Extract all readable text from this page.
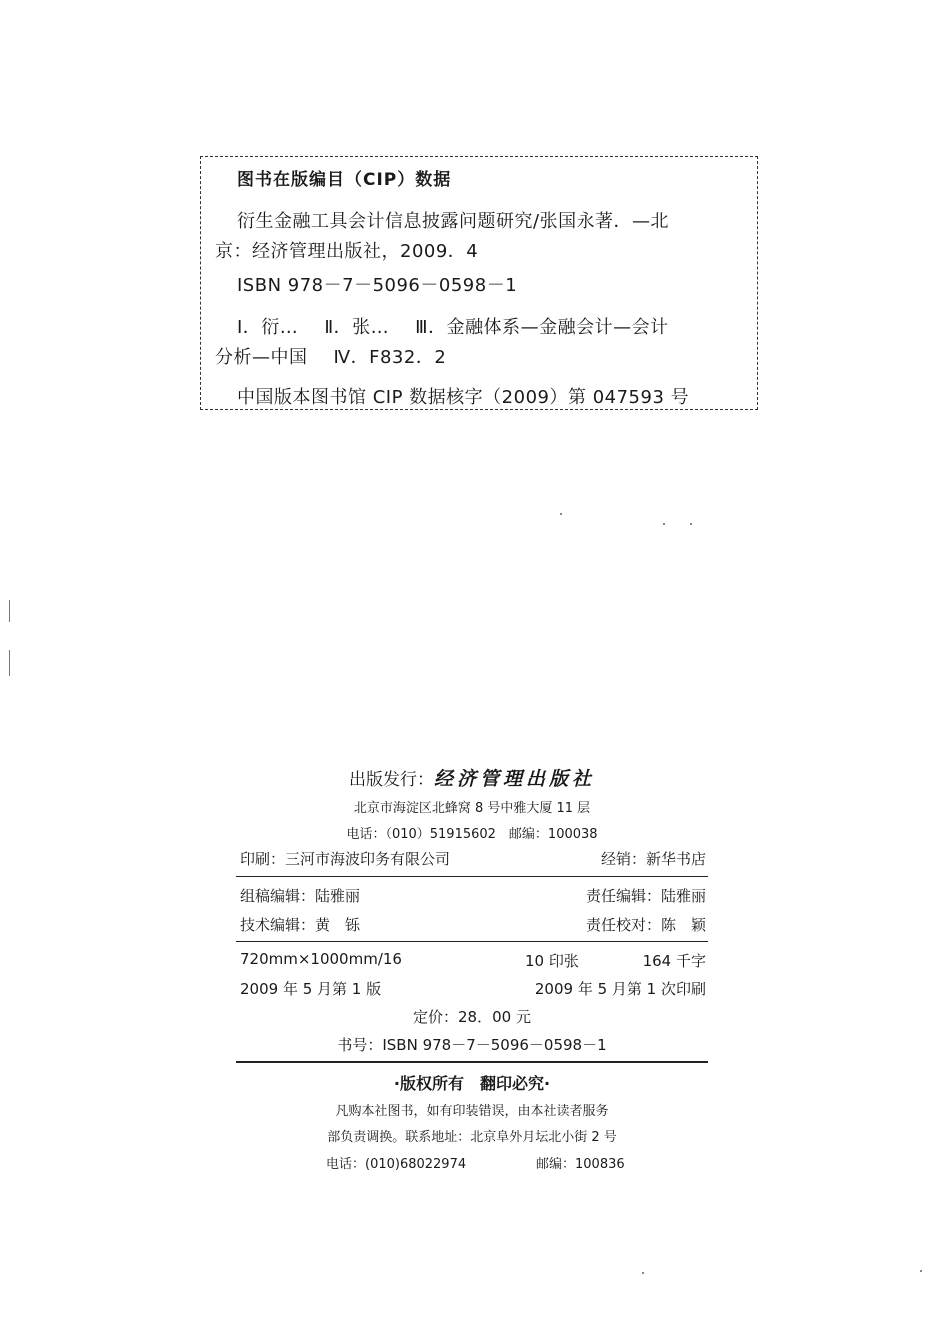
图书在版编目（CIP）数据
衍生金融工具会计信息披露问题研究/张国永著．—北
京：经济管理出版社，2009．4
ISBN 978－7－5096－0598－1
Ⅰ．衍… Ⅱ．张… Ⅲ．金融体系—金融会计—会计
分析—中国 Ⅳ．F832．2
中国版本图书馆 CIP 数据核字（2009）第 047593 号
出版发行：经济管理出版社
北京市海淀区北蜂窝 8 号中雅大厦 11 层
电话：（010）51915602　邮编：100038
印刷：三河市海波印务有限公司	经销：新华书店
组稿编辑：陆雅丽	责任编辑：陆雅丽
技术编辑：黄　铄	责任校对：陈　颖
720mm×1000mm/16	10 印张	164 千字
2009 年 5 月第 1 版	2009 年 5 月第 1 次印刷
定价：28．00 元
书号：ISBN 978－7－5096－0598－1
·版权所有　翻印必究·
凡购本社图书，如有印装错误，由本社读者服务
部负责调换。联系地址：北京阜外月坛北小街 2 号
电话：(010)68022974	邮编：100836
